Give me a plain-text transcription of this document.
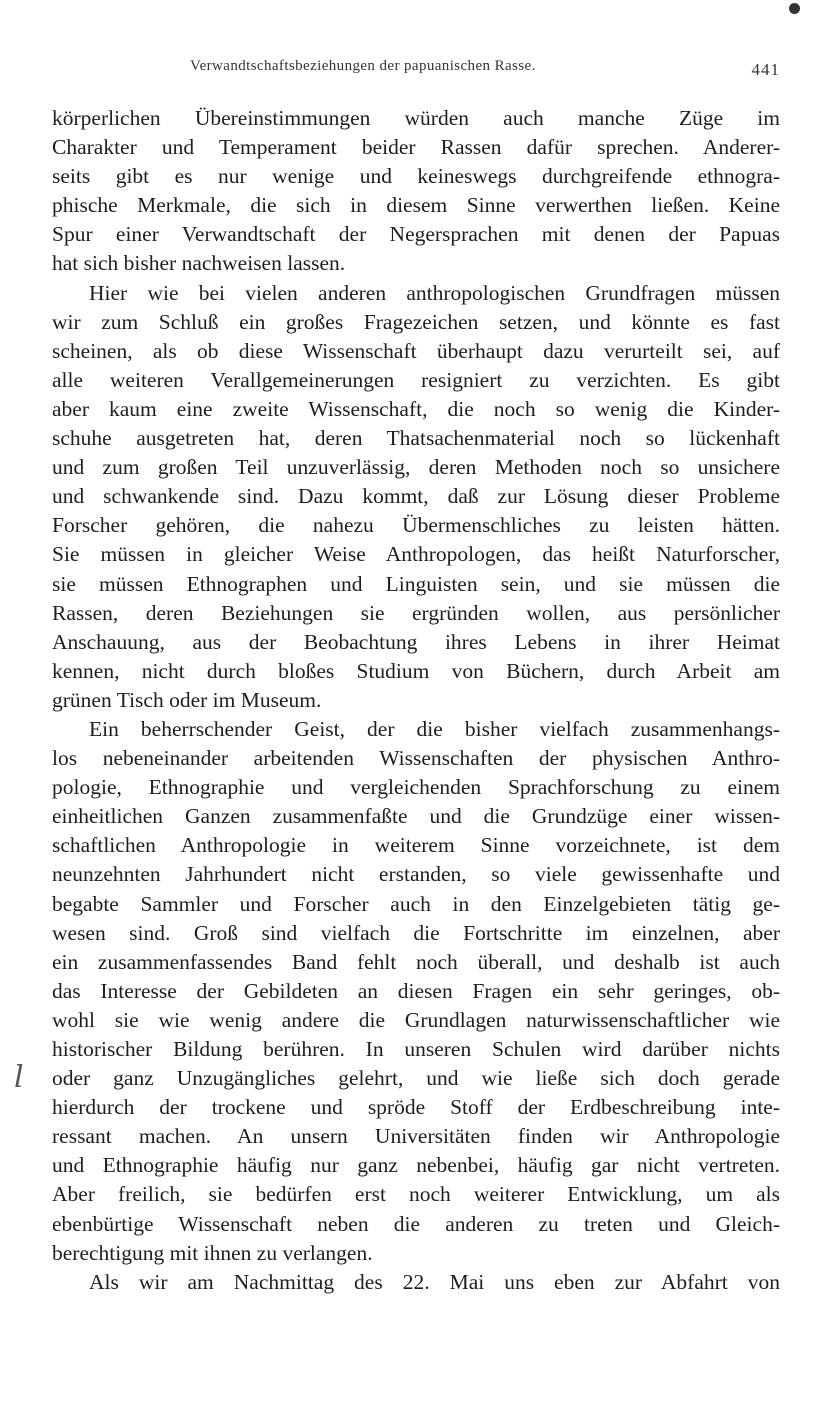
Verwandtschaftsbeziehungen der papuanischen Rasse.	441
l
körperlichen Übereinstimmungen würden auch manche Züge im
Charakter und Temperament beider Rassen dafür sprechen. Anderer-
seits gibt es nur wenige und keineswegs durchgreifende ethnogra-
phische Merkmale, die sich in diesem Sinne verwerthen ließen. Keine
Spur einer Verwandtschaft der Negersprachen mit denen der Papuas
hat sich bisher nachweisen lassen.
Hier wie bei vielen anderen anthropologischen Grundfragen müssen
wir zum Schluß ein großes Fragezeichen setzen, und könnte es fast
scheinen, als ob diese Wissenschaft überhaupt dazu verurteilt sei, auf
alle weiteren Verallgemeinerungen resigniert zu verzichten. Es gibt
aber kaum eine zweite Wissenschaft, die noch so wenig die Kinder-
schuhe ausgetreten hat, deren Thatsachenmaterial noch so lückenhaft
und zum großen Teil unzuverlässig, deren Methoden noch so unsichere
und schwankende sind. Dazu kommt, daß zur Lösung dieser Probleme
Forscher gehören, die nahezu Übermenschliches zu leisten hätten.
Sie müssen in gleicher Weise Anthropologen, das heißt Naturforscher,
sie müssen Ethnographen und Linguisten sein, und sie müssen die
Rassen, deren Beziehungen sie ergründen wollen, aus persönlicher
Anschauung, aus der Beobachtung ihres Lebens in ihrer Heimat
kennen, nicht durch bloßes Studium von Büchern, durch Arbeit am
grünen Tisch oder im Museum.
Ein beherrschender Geist, der die bisher vielfach zusammenhangs-
los nebeneinander arbeitenden Wissenschaften der physischen Anthro-
pologie, Ethnographie und vergleichenden Sprachforschung zu einem
einheitlichen Ganzen zusammenfaßte und die Grundzüge einer wissen-
schaftlichen Anthropologie in weiterem Sinne vorzeichnete, ist dem
neunzehnten Jahrhundert nicht erstanden, so viele gewissenhafte und
begabte Sammler und Forscher auch in den Einzelgebieten tätig ge-
wesen sind. Groß sind vielfach die Fortschritte im einzelnen, aber
ein zusammenfassendes Band fehlt noch überall, und deshalb ist auch
das Interesse der Gebildeten an diesen Fragen ein sehr geringes, ob-
wohl sie wie wenig andere die Grundlagen naturwissenschaftlicher wie
historischer Bildung berühren. In unseren Schulen wird darüber nichts
oder ganz Unzugängliches gelehrt, und wie ließe sich doch gerade
hierdurch der trockene und spröde Stoff der Erdbeschreibung inte-
ressant machen. An unsern Universitäten finden wir Anthropologie
und Ethnographie häufig nur ganz nebenbei, häufig gar nicht vertreten.
Aber freilich, sie bedürfen erst noch weiterer Entwicklung, um als
ebenbürtige Wissenschaft neben die anderen zu treten und Gleich-
berechtigung mit ihnen zu verlangen.
Als wir am Nachmittag des 22. Mai uns eben zur Abfahrt von
